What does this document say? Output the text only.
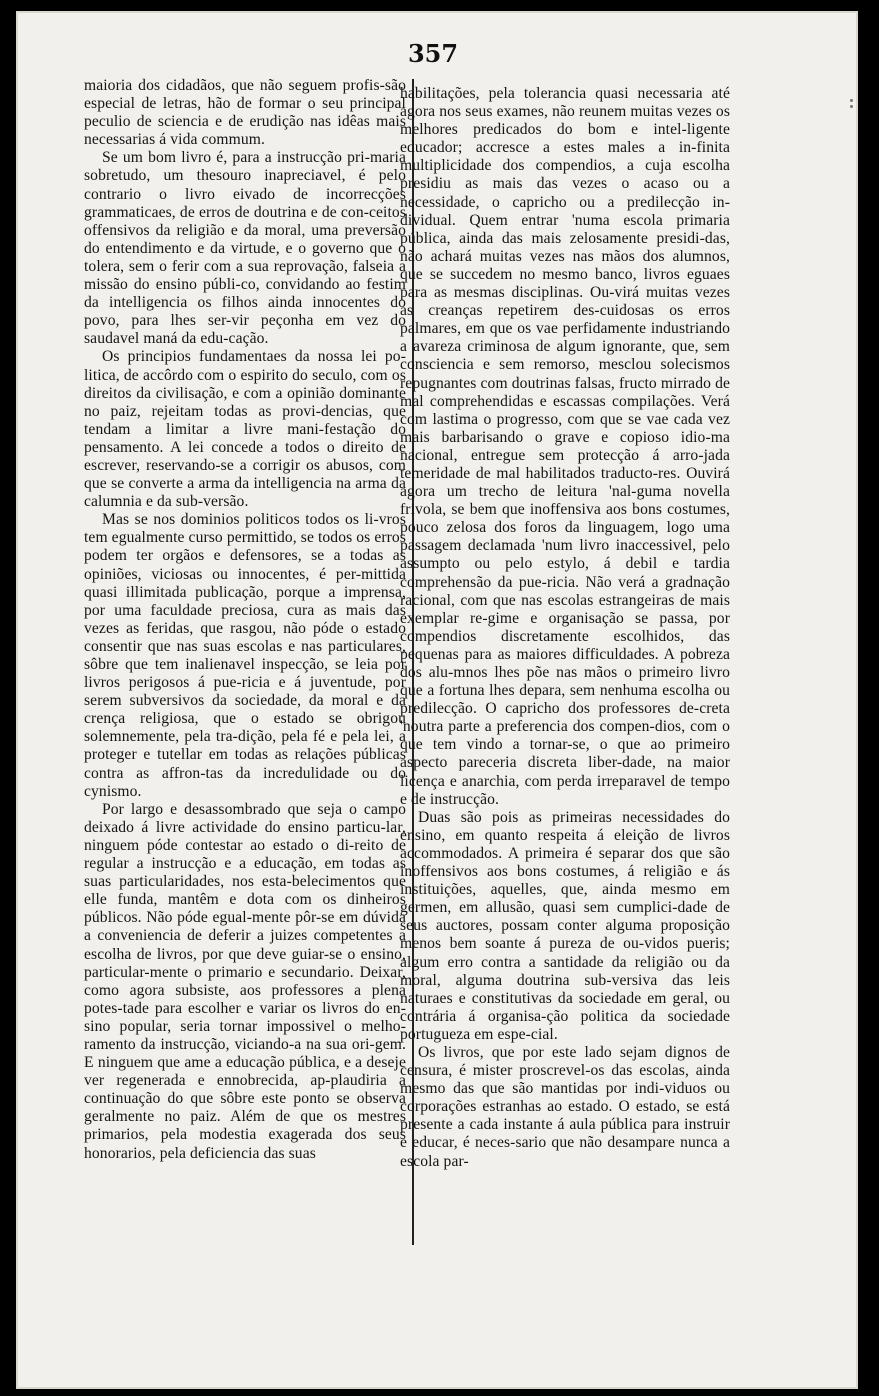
357

maioria dos cidadãos, que não seguem profis-são especial de letras, hão de formar o seu principal peculio de sciencia e de erudição nas idêas mais necessarias á vida commum.

Se um bom livro é, para a instrucção pri-maria sobretudo, um thesouro inapreciavel, é pelo contrario o livro eivado de incorrecções grammaticaes, de erros de doutrina e de con-ceitos offensivos da religião e da moral, uma preversão do entendimento e da virtude, e o governo que o tolera, sem o ferir com a sua reprovação, falseia a missão do ensino públi-co, convidando ao festim da intelligencia os filhos ainda innocentes do povo, para lhes ser-vir peçonha em vez do saudavel maná da edu-cação.

Os principios fundamentaes da nossa lei po-litica, de accôrdo com o espirito do seculo, com os direitos da civilisação, e com a opinião dominante no paiz, rejeitam todas as provi-dencias, que tendam a limitar a livre mani-festação do pensamento. A lei concede a todos o direito de escrever, reservando-se a corrigir os abusos, com que se converte a arma da intelligencia na arma da calumnia e da sub-versão.

Mas se nos dominios politicos todos os li-vros tem egualmente curso permittido, se todos os erros podem ter orgãos e defensores, se a todas as opiniões, viciosas ou innocentes, é per-mittida quasi illimitada publicação, porque a imprensa, por uma faculdade preciosa, cura as mais das vezes as feridas, que rasgou, não póde o estado consentir que nas suas escolas e nas particulares, sôbre que tem inalienavel inspecção, se leia por livros perigosos á pue-ricia e á juventude, por serem subversivos da sociedade, da moral e da crença religiosa, que o estado se obrigou solemnemente, pela tra-dição, pela fé e pela lei, a proteger e tutellar em todas as relações públicas contra as affron-tas da incredulidade ou do cynismo.

Por largo e desassombrado que seja o campo deixado á livre actividade do ensino particu-lar, ninguem póde contestar ao estado o di-reito de regular a instrucção e a educação, em todas as suas particularidades, nos esta-belecimentos que elle funda, mantêm e dota com os dinheiros públicos. Não póde egual-mente pôr-se em dúvida a conveniencia de deferir a juizes competentes a escolha de livros, por que deve guiar-se o ensino, particular-mente o primario e secundario. Deixar, como agora subsiste, aos professores a plena potes-tade para escolher e variar os livros do en-sino popular, seria tornar impossivel o melho-ramento da instrucção, viciando-a na sua ori-gem. E ninguem que ame a educação pública, e a deseje ver regenerada e ennobrecida, ap-plaudiria a continuação do que sôbre este ponto se observa geralmente no paiz. Além de que os mestres primarios, pela modestia exagerada dos seus honorarios, pela deficiencia das suas

habilitações, pela tolerancia quasi necessaria até agora nos seus exames, não reunem muitas vezes os melhores predicados do bom e intel-ligente educador; accresce a estes males a in-finita multiplicidade dos compendios, a cuja escolha presidiu as mais das vezes o acaso ou a necessidade, o capricho ou a predilecção in-dividual. Quem entrar 'numa escola primaria pública, ainda das mais zelosamente presidi-das, não achará muitas vezes nas mãos dos alumnos, que se succedem no mesmo banco, livros eguaes para as mesmas disciplinas. Ou-virá muitas vezes as creanças repetirem des-cuidosas os erros palmares, em que os vae perfidamente industriando a avareza criminosa de algum ignorante, que, sem consciencia e sem remorso, mesclou solecismos repugnantes com doutrinas falsas, fructo mirrado de mal comprehendidas e escassas compilações. Verá com lastima o progresso, com que se vae cada vez mais barbarisando o grave e copioso idio-ma nacional, entregue sem protecção á arro-jada temeridade de mal habilitados traducto-res. Ouvirá agora um trecho de leitura 'nal-guma novella frivola, se bem que inoffensiva aos bons costumes, pouco zelosa dos foros da linguagem, logo uma passagem declamada 'num livro inaccessivel, pelo assumpto ou pelo estylo, á debil e tardia comprehensão da pue-ricia. Não verá a gradnação racional, com que nas escolas estrangeiras de mais exemplar re-gime e organisação se passa, por compendios discretamente escolhidos, das pequenas para as maiores difficuldades. A pobreza dos alu-mnos lhes põe nas mãos o primeiro livro que a fortuna lhes depara, sem nenhuma escolha ou predilecção. O capricho dos professores de-creta 'noutra parte a preferencia dos compen-dios, com o que tem vindo a tornar-se, o que ao primeiro aspecto pareceria discreta liber-dade, na maior licença e anarchia, com perda irreparavel de tempo e de instrucção.

Duas são pois as primeiras necessidades do ensino, em quanto respeita á eleição de livros accommodados. A primeira é separar dos que são inoffensivos aos bons costumes, á religião e ás instituições, aquelles, que, ainda mesmo em germen, em allusão, quasi sem cumplici-dade de seus auctores, possam conter alguma proposição menos bem soante á pureza de ou-vidos pueris; algum erro contra a santidade da religião ou da moral, alguma doutrina sub-versiva das leis naturaes e constitutivas da sociedade em geral, ou contrária á organisa-ção politica da sociedade portugueza em espe-cial.

Os livros, que por este lado sejam dignos de censura, é mister proscrevel-os das escolas, ainda mesmo das que são mantidas por indi-viduos ou corporações estranhas ao estado. O estado, se está presente a cada instante á aula pública para instruir e educar, é neces-sario que não desampare nunca a escola par-
